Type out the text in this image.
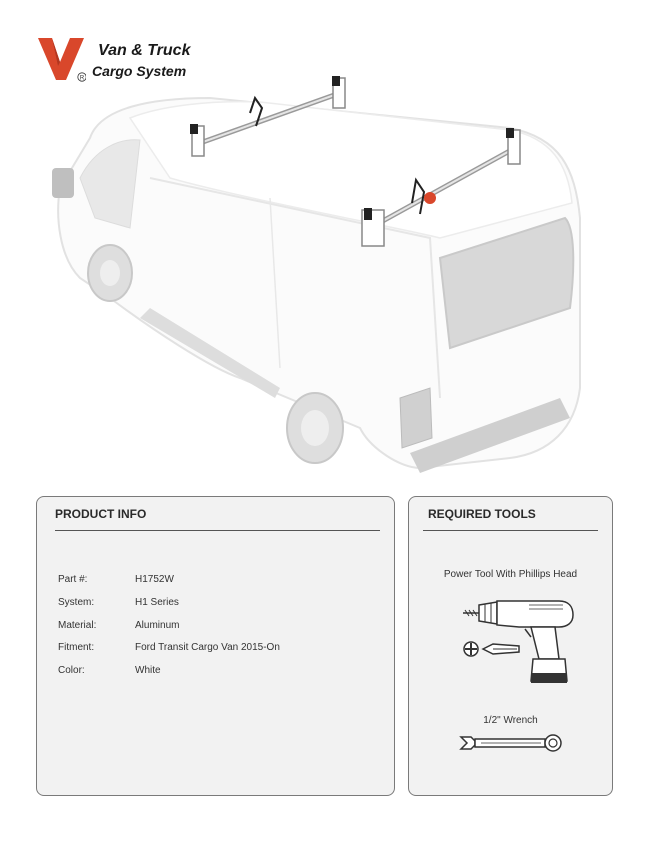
R
Van & Truck
Cargo System
PRODUCT INFO
Part #:	H1752W
System:	H1 Series
Material:	Aluminum
Fitment:	Ford Transit Cargo Van 2015-On
Color:	White
REQUIRED TOOLS
Power Tool With Phillips Head
1/2" Wrench
